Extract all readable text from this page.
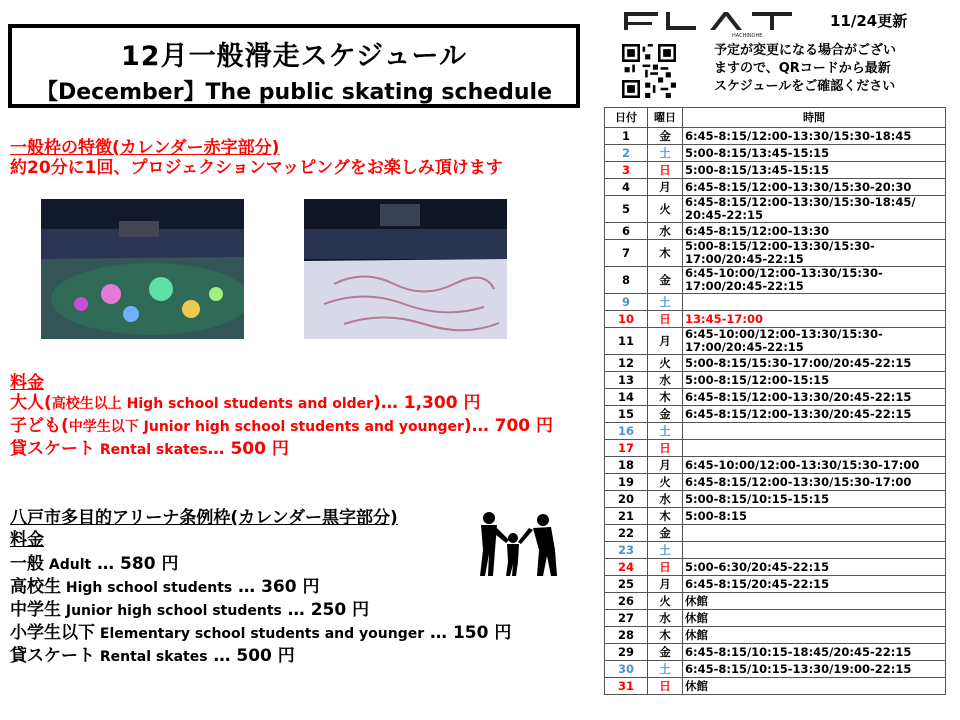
12月一般滑走スケジュール
【December】The public skating schedule
HACHINOHE
11/24更新
予定が変更になる場合がござい
ますので、QRコードから最新
スケジュールをご確認ください
一般枠の特徴(カレンダー赤字部分)
約20分に1回、プロジェクションマッピングをお楽しみ頂けます
料金
大人(高校生以上 High school students and older)… 1,300 円
子ども(中学生以下 Junior high school students and younger)… 700 円
貸スケート Rental skates… 500 円
八戸市多目的アリーナ条例枠(カレンダー黒字部分)
料金
一般 Adult … 580 円
高校生 High school students … 360 円
中学生 Junior high school students … 250 円
小学生以下 Elementary school students and younger … 150 円
貸スケート Rental skates … 500 円
日付	曜日	時間
1	金	6:45-8:15/12:00-13:30/15:30-18:45
2	土	5:00-8:15/13:45-15:15
3	日	5:00-8:15/13:45-15:15
4	月	6:45-8:15/12:00-13:30/15:30-20:30
5	火	6:45-8:15/12:00-13:30/15:30-18:45/
20:45-22:15
6	水	6:45-8:15/12:00-13:30
7	木	5:00-8:15/12:00-13:30/15:30-
17:00/20:45-22:15
8	金	6:45-10:00/12:00-13:30/15:30-
17:00/20:45-22:15
9	土	
10	日	13:45-17:00
11	月	6:45-10:00/12:00-13:30/15:30-
17:00/20:45-22:15
12	火	5:00-8:15/15:30-17:00/20:45-22:15
13	水	5:00-8:15/12:00-15:15
14	木	6:45-8:15/12:00-13:30/20:45-22:15
15	金	6:45-8:15/12:00-13:30/20:45-22:15
16	土	
17	日	
18	月	6:45-10:00/12:00-13:30/15:30-17:00
19	火	6:45-8:15/12:00-13:30/15:30-17:00
20	水	5:00-8:15/10:15-15:15
21	木	5:00-8:15
22	金	
23	土	
24	日	5:00-6:30/20:45-22:15
25	月	6:45-8:15/20:45-22:15
26	火	休館
27	水	休館
28	木	休館
29	金	6:45-8:15/10:15-18:45/20:45-22:15
30	土	6:45-8:15/10:15-13:30/19:00-22:15
31	日	休館
